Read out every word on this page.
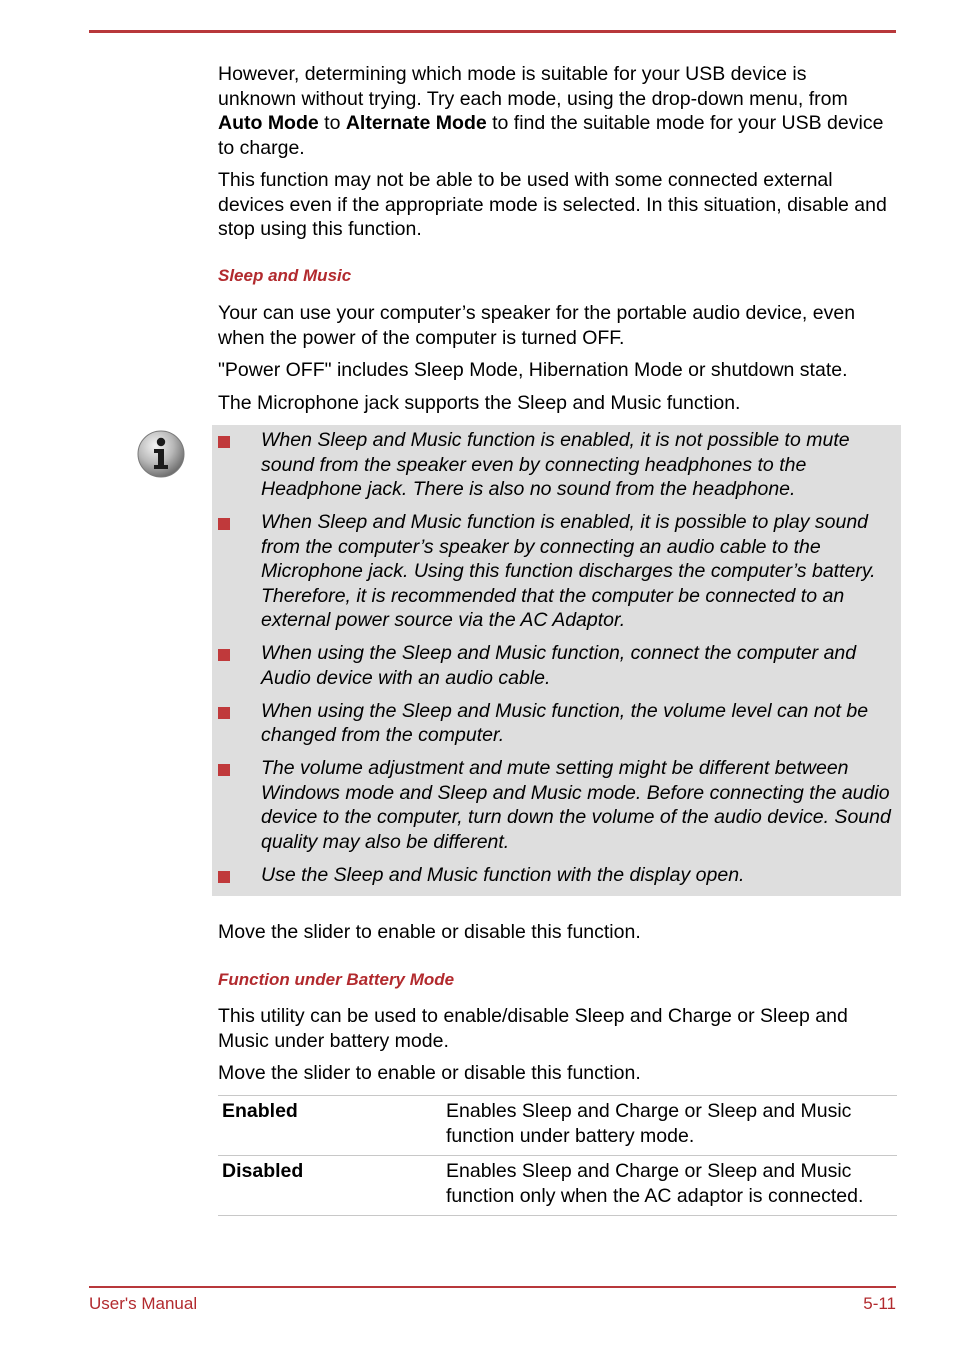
However, determining which mode is suitable for your USB device is unknown without trying. Try each mode, using the drop-down menu, from Auto Mode to Alternate Mode to find the suitable mode for your USB device to charge.

This function may not be able to be used with some connected external devices even if the appropriate mode is selected. In this situation, disable and stop using this function.

Sleep and Music

Your can use your computer’s speaker for the portable audio device, even when the power of the computer is turned OFF.

"Power OFF" includes Sleep Mode, Hibernation Mode or shutdown state.

The Microphone jack supports the Sleep and Music function.

Move the slider to enable or disable this function.

Function under Battery Mode

This utility can be used to enable/disable Sleep and Charge or Sleep and Music under battery mode.

Move the slider to enable or disable this function.

When Sleep and Music function is enabled, it is not possible to mute sound from the speaker even by connecting headphones to the Headphone jack. There is also no sound from the headphone.
When Sleep and Music function is enabled, it is possible to play sound from the computer’s speaker by connecting an audio cable to the Microphone jack. Using this function discharges the computer’s battery. Therefore, it is recommended that the computer be connected to an external power source via the AC Adaptor.
When using the Sleep and Music function, connect the computer and Audio device with an audio cable.
When using the Sleep and Music function, the volume level can not be changed from the computer.
The volume adjustment and mute setting might be different between Windows mode and Sleep and Music mode. Before connecting the audio device to the computer, turn down the volume of the audio device. Sound quality may also be different.
Use the Sleep and Music function with the display open.
Enabled	Enables Sleep and Charge or Sleep and Music function under battery mode.
Disabled	Enables Sleep and Charge or Sleep and Music function only when the AC adaptor is connected.
User's Manual	5-11
